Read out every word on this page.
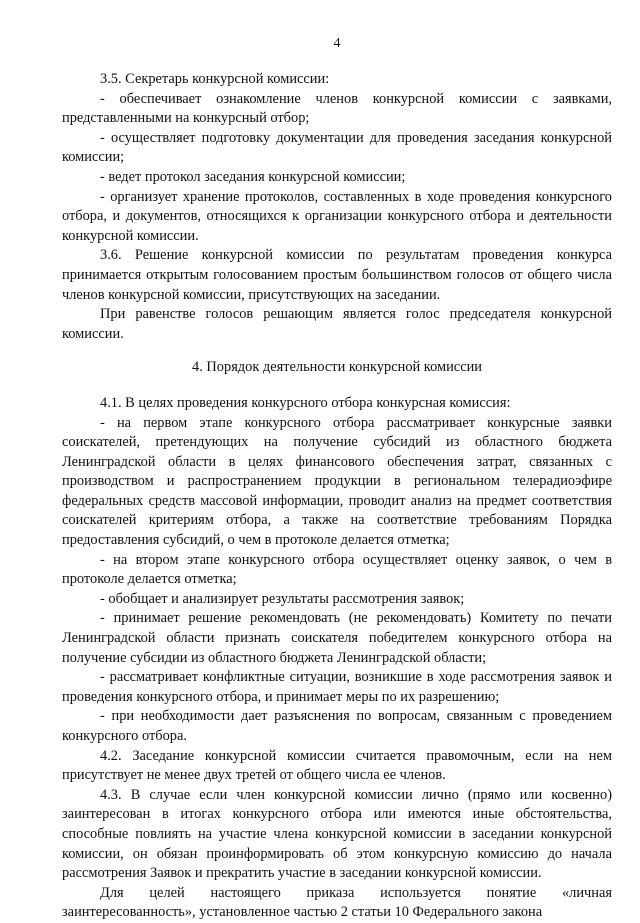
4

3.5. Секретарь конкурсной комиссии:

- обеспечивает ознакомление членов конкурсной комиссии с заявками, представленными на конкурсный отбор;

- осуществляет подготовку документации для проведения заседания конкурсной комиссии;

- ведет протокол заседания конкурсной комиссии;

- организует хранение протоколов, составленных в ходе проведения конкурсного отбора, и документов, относящихся к организации конкурсного отбора и деятельности конкурсной комиссии.

3.6. Решение конкурсной комиссии по результатам проведения конкурса принимается открытым голосованием простым большинством голосов от общего числа членов конкурсной комиссии, присутствующих на заседании.

При равенстве голосов решающим является голос председателя конкурсной комиссии.

4. Порядок деятельности конкурсной комиссии

4.1. В целях проведения конкурсного отбора конкурсная комиссия:

- на первом этапе конкурсного отбора рассматривает конкурсные заявки соискателей, претендующих на получение субсидий из областного бюджета Ленинградской области в целях финансового обеспечения затрат, связанных с производством и распространением продукции в региональном телерадиоэфире федеральных средств массовой информации, проводит анализ на предмет соответствия соискателей критериям отбора, а также на соответствие требованиям Порядка предоставления субсидий, о чем в протоколе делается отметка;

- на втором этапе конкурсного отбора осуществляет оценку заявок, о чем в протоколе делается отметка;

- обобщает и анализирует результаты рассмотрения заявок;

- принимает решение рекомендовать (не рекомендовать) Комитету по печати Ленинградской области признать соискателя победителем конкурсного отбора на получение субсидии из областного бюджета Ленинградской области;

- рассматривает конфликтные ситуации, возникшие в ходе рассмотрения заявок и проведения конкурсного отбора, и принимает меры по их разрешению;

- при необходимости дает разъяснения по вопросам, связанным с проведением конкурсного отбора.

4.2. Заседание конкурсной комиссии считается правомочным, если на нем присутствует не менее двух третей от общего числа ее членов.

4.3. В случае если член конкурсной комиссии лично (прямо или косвенно) заинтересован в итогах конкурсного отбора или имеются иные обстоятельства, способные повлиять на участие члена конкурсной комиссии в заседании конкурсной комиссии, он обязан проинформировать об этом конкурсную комиссию до начала рассмотрения Заявок и прекратить участие в заседании конкурсной комиссии.

Для целей настоящего приказа используется понятие «личная заинтересованность», установленное частью 2 статьи 10 Федерального закона
